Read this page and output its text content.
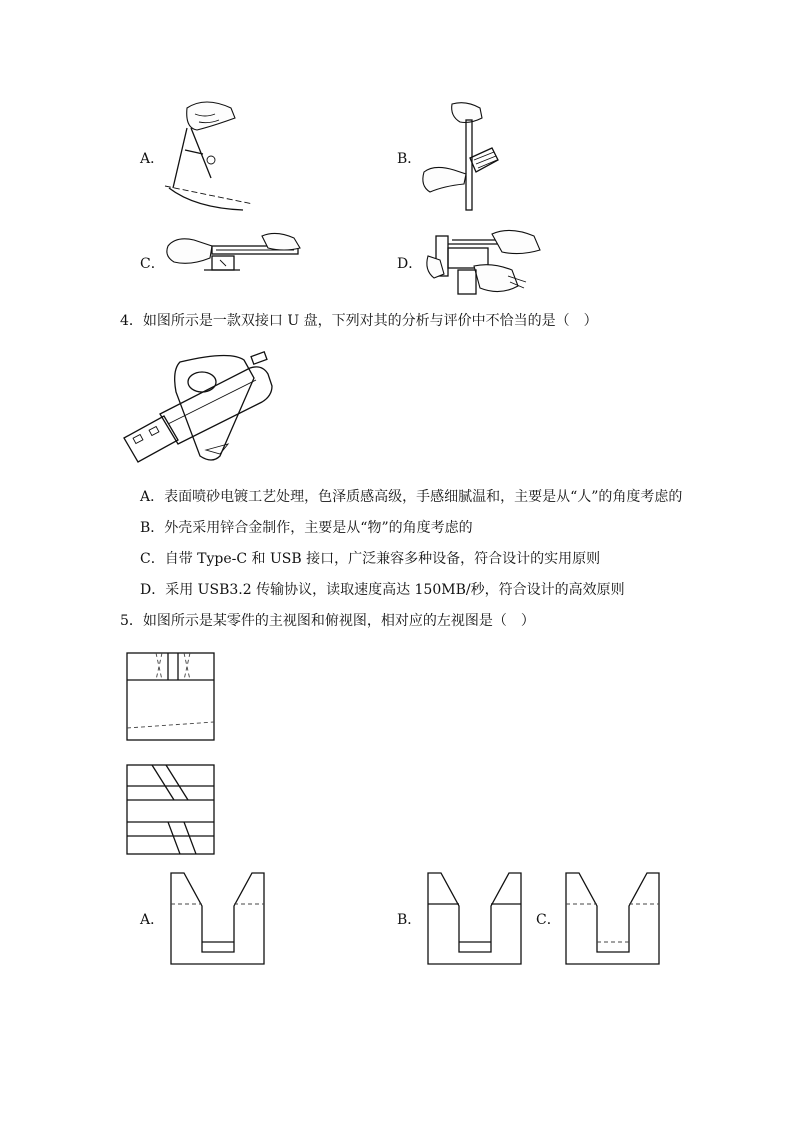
A．	B．
C．	D．
4．如图所示是一款双接口 U 盘，下列对其的分析与评价中不恰当的是（　）
A．表面喷砂电镀工艺处理，色泽质感高级，手感细腻温和，主要是从“人”的角度考虑的
B．外壳采用锌合金制作，主要是从“物”的角度考虑的
C．自带 Type-C 和 USB 接口，广泛兼容多种设备，符合设计的实用原则
D．采用 USB3.2 传输协议，读取速度高达 150MB/秒，符合设计的高效原则
5．如图所示是某零件的主视图和俯视图，相对应的左视图是（　）
A．	B．	C．
